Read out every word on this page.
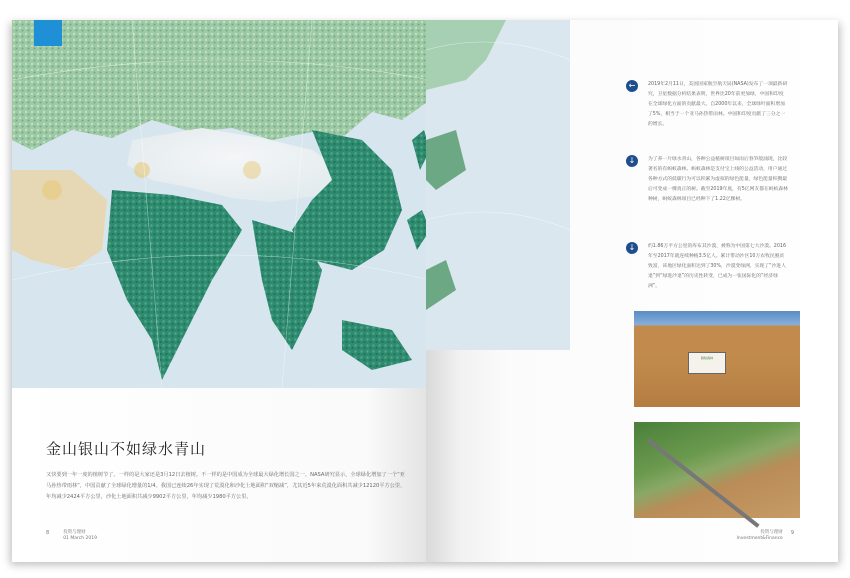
金山银山不如绿水青山
又快要到一年一度的植树节了。一样的是大家还是3月12日去植树。不一样的是中国成为全球最大绿化增长国之一。NASA研究显示，全球绿化增加了一个“亚马孙热带雨林”，中国贡献了全球绿化增量的1/4。我国已连续26年实现了荒漠化和沙化土地面积“双缩减”，尤其近5年来荒漠化面积共减少12120平方公里，年均减少2424平方公里，沙化土地面积共减少9902平方公里，年均减少1980平方公里。
8	投资与理财
01 March 2019
←	2019年2月11日，美国国家航空航天局(NASA)发布了一项最新研究，卫星数据分析结果表明，世界比20年前更加绿，中国和印度在全球绿化方面的贡献最大。自2000年以来，全球绿叶面积增加了5%，相当于一个亚马孙热带雨林。中国和印度贡献了三分之一的增长。
↓	为了养一片绿水青山，各种公益植树项目如雨后春笋般涌现，比较著名的有蚂蚁森林。蚂蚁森林是支付宝上线的公益活动，用户通过各种方式的低碳行为可以积累为虚拟的绿色能量，绿色能量积攒最后可变成一棵真正的树。截至2019年底，有5亿网友都在蚂蚁森林种树，蚂蚁森林项目已经种下了1.22亿棵树。
↓	约1.86万平方公里的库布其沙漠，被称为中国第七大沙漠。2016年至2017年就连续种植3.5亿人。累计带动沙区10万农牧民脱贫致富，该地区绿化面积达到了30%，沙漠变绿洲，实现了“沙进人退”到“绿进沙退”的历史性转变，已成为一张国际化的“经济绿洲”。
蚂蚁森林
投资与理财
Investment&Finance
9
